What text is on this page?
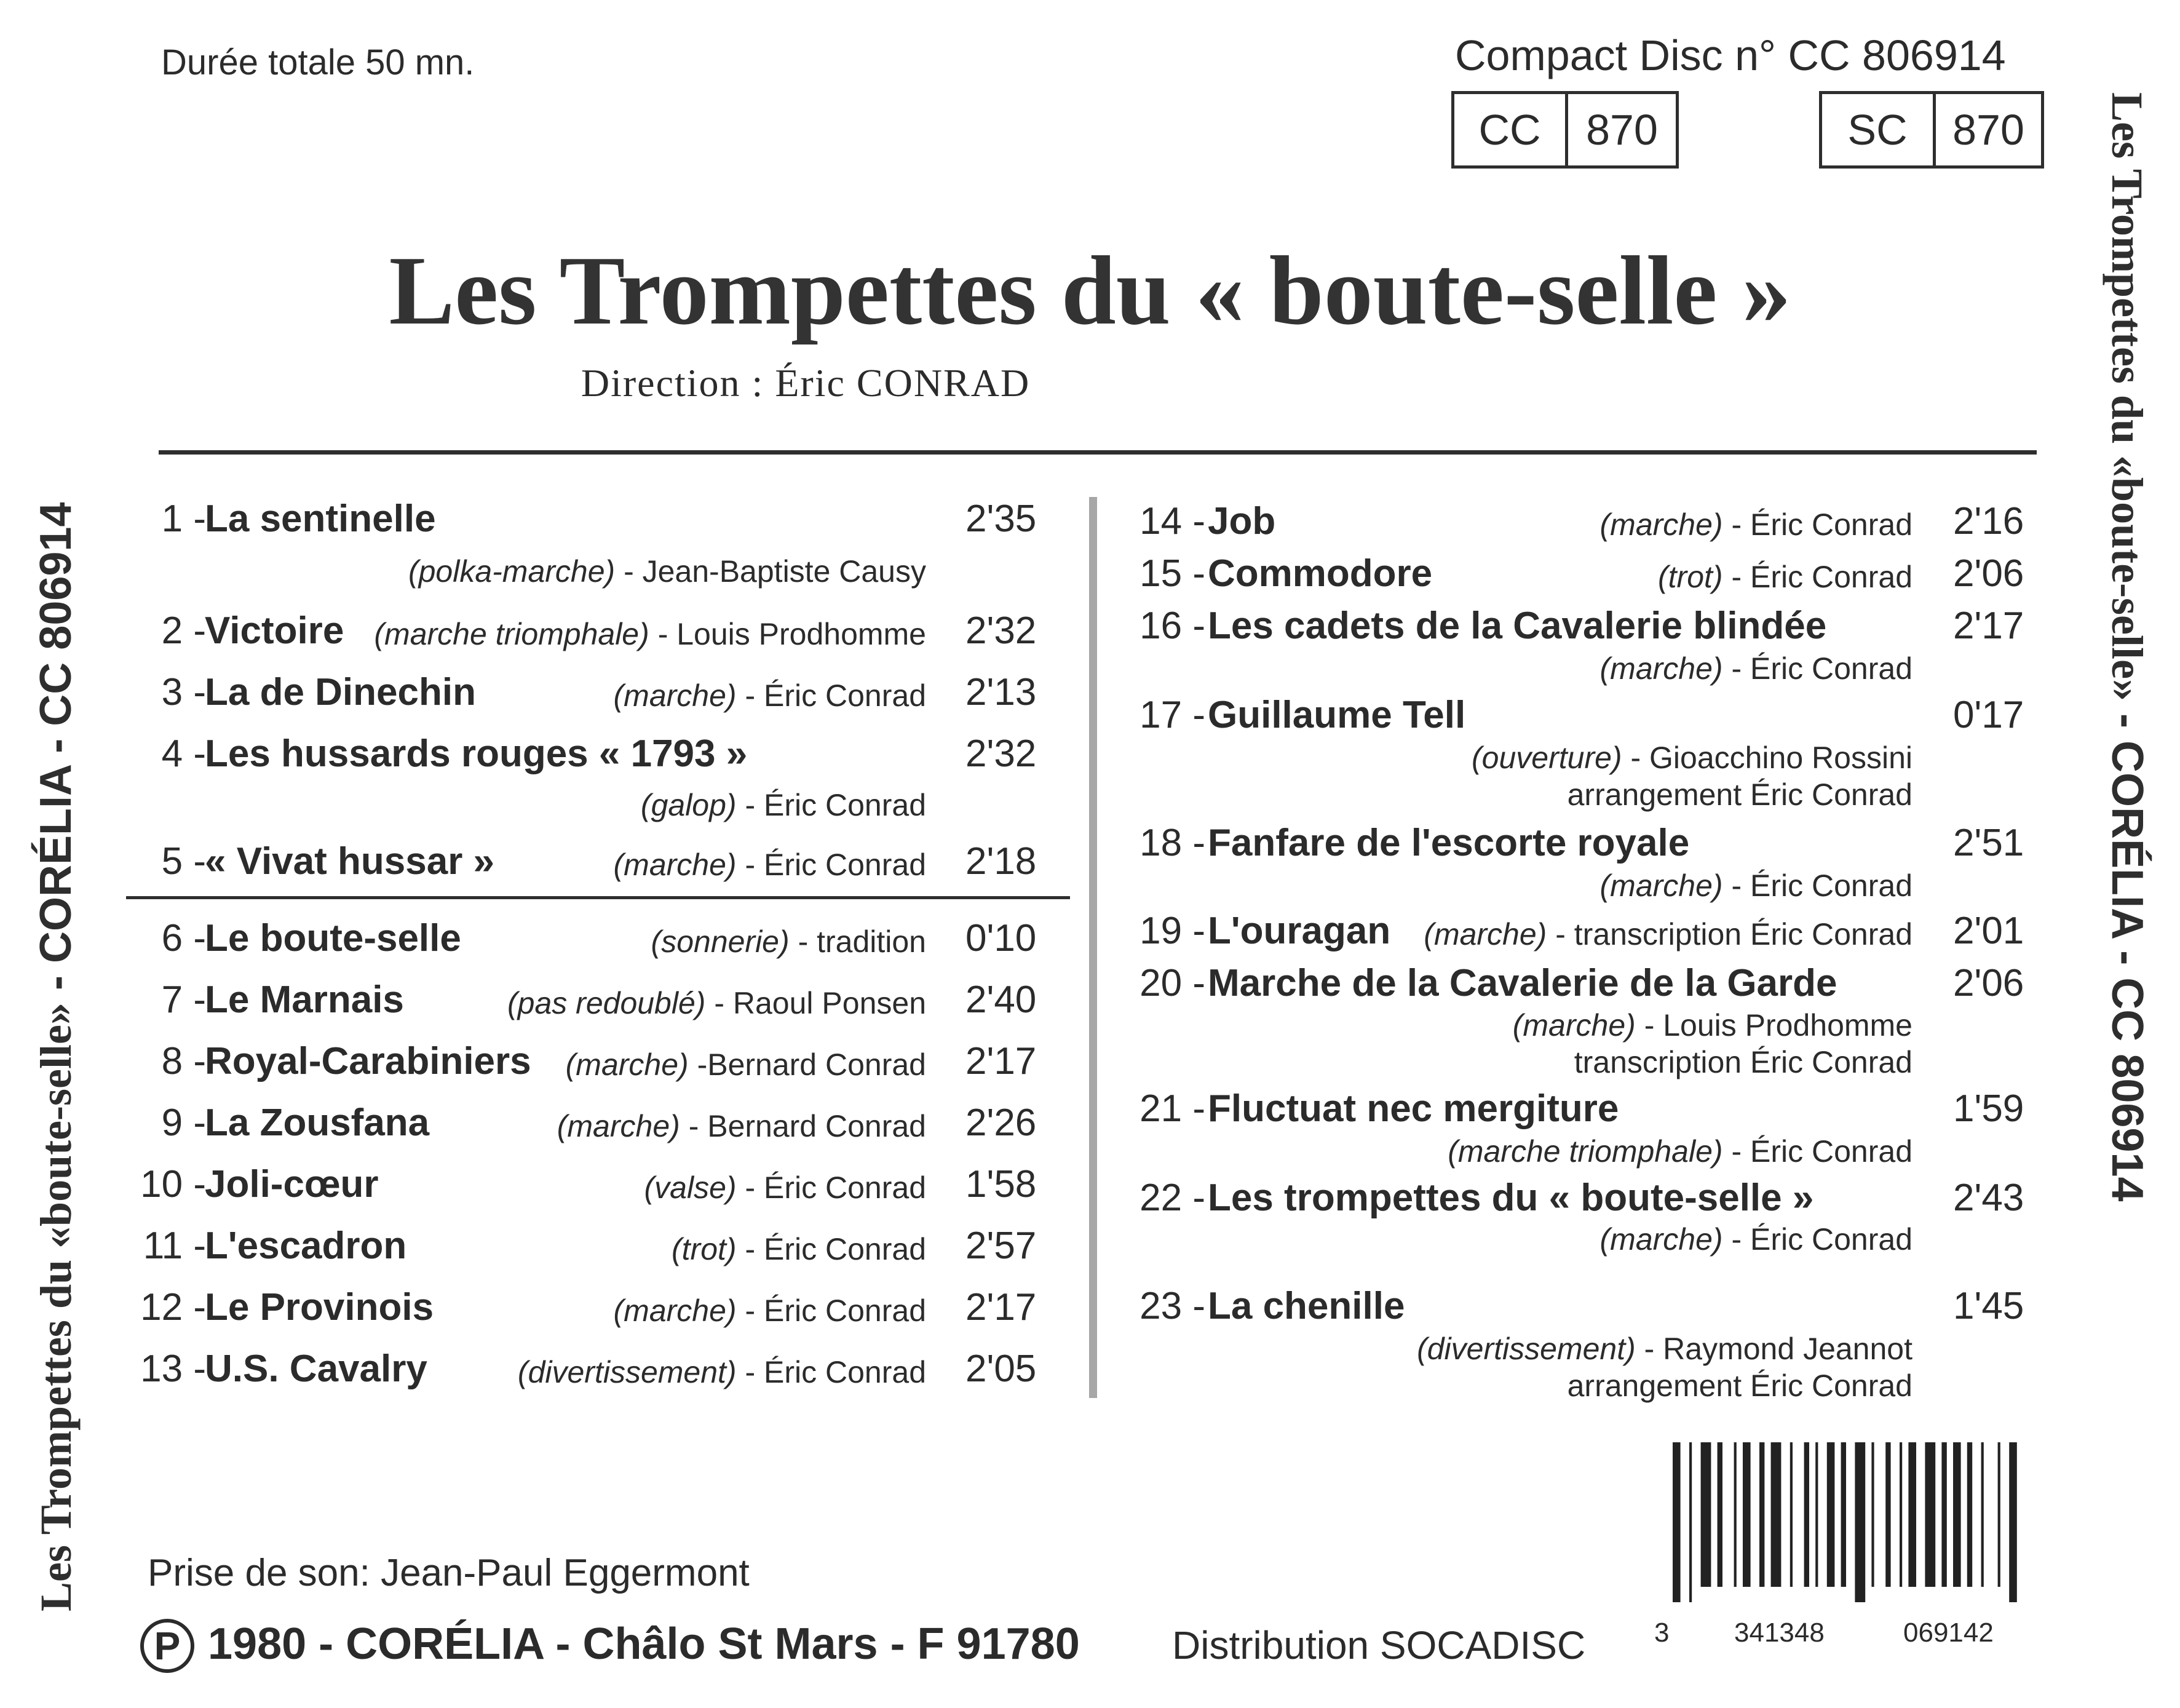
Les Trompettes du «boute-selle» - CORÉLIA - CC 806914
Les Trompettes du «boute-selle» - CORÉLIA - CC 806914
Durée totale 50 mn.	Compact Disc n° CC 806914
CC	870	SC	870
Les Trompettes du « boute-selle »
Direction : Éric CONRAD
1 -
La sentinelle	2'35
(polka-marche) - Jean-Baptiste Causy
2 -
Victoire	2'32
(marche triomphale) - Louis Prodhomme
3 -
La de Dinechin	2'13
(marche) - Éric Conrad
4 -
Les hussards rouges « 1793 »	2'32
(galop) - Éric Conrad
5 -
« Vivat hussar »	2'18
(marche) - Éric Conrad
6 -
Le boute-selle	0'10
(sonnerie) - tradition
7 -
Le Marnais	2'40
(pas redoublé) - Raoul Ponsen
8 -
Royal-Carabiniers	2'17
(marche) -Bernard Conrad
9 -
La Zousfana	2'26
(marche) - Bernard Conrad
10 -
Joli-cœur	1'58
(valse) - Éric Conrad
11 -
L'escadron	2'57
(trot) - Éric Conrad
12 -
Le Provinois	2'17
(marche) - Éric Conrad
13 -
U.S. Cavalry	2'05
(divertissement) - Éric Conrad
14 - Job	2'16
(marche) - Éric Conrad
15 - Commodore	2'06
(trot) - Éric Conrad
16 - Les cadets de la Cavalerie blindée	2'17
(marche) - Éric Conrad
17 - Guillaume Tell	0'17
(ouverture) - Gioacchino Rossini
arrangement Éric Conrad
18 - Fanfare de l'escorte royale	2'51
(marche) - Éric Conrad
19 - L'ouragan	2'01
(marche) - transcription Éric Conrad
20 - Marche de la Cavalerie de la Garde	2'06
(marche) - Louis Prodhomme
transcription Éric Conrad
21 - Fluctuat nec mergiture	1'59
(marche triomphale) - Éric Conrad
22 - Les trompettes du « boute-selle »	2'43
(marche) - Éric Conrad
23 - La chenille	1'45
(divertissement) - Raymond Jeannot
arrangement Éric Conrad
Prise de son: Jean-Paul Eggermont
P 1980 - CORÉLIA - Châlo St Mars - F 91780 Distribution SOCADISC	3 341348	069142
